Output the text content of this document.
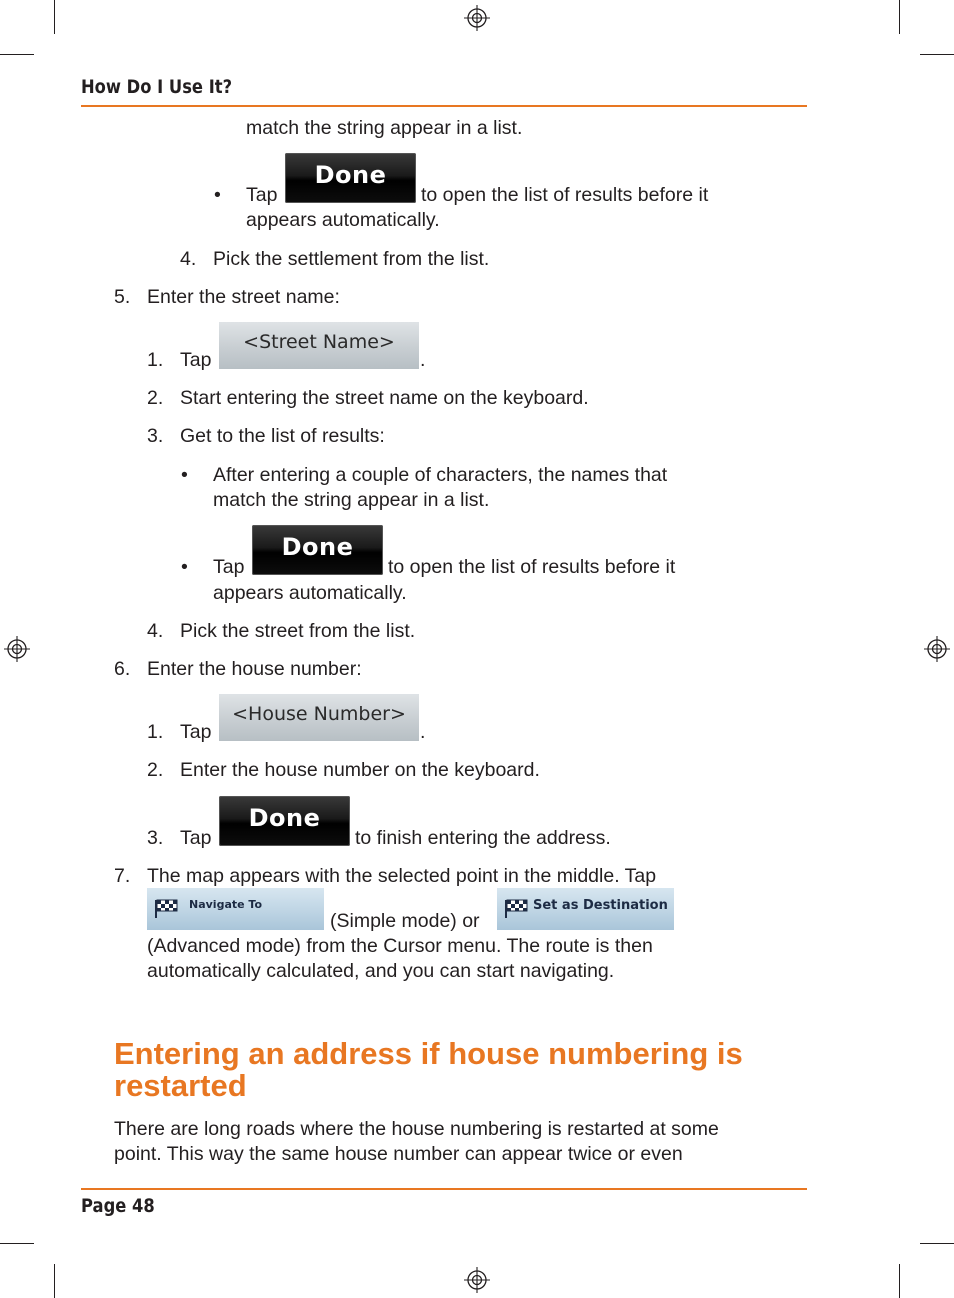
How Do I Use It?
match the string appear in a list.
• Tap
Done
to open the list of results before it
appears automatically.
4. Pick the settlement from the list.
5. Enter the street name:
1. Tap
<Street Name>
.
2. Start entering the street name on the keyboard.
3. Get to the list of results:
• After entering a couple of characters, the names that
match the string appear in a list.
• Tap
Done
to open the list of results before it
appears automatically.
4. Pick the street from the list.
6. Enter the house number:
1. Tap
<House Number>
.
2. Enter the house number on the keyboard.
3. Tap
Done
to finish entering the address.
7. The map appears with the selected point in the middle. Tap
Navigate To
(Simple mode) or
Set as Destination
(Advanced mode) from the Cursor menu. The route is then
automatically calculated, and you can start navigating.
Entering an address if house numbering is restarted
There are long roads where the house numbering is restarted at some
point. This way the same house number can appear twice or even
Page 48
